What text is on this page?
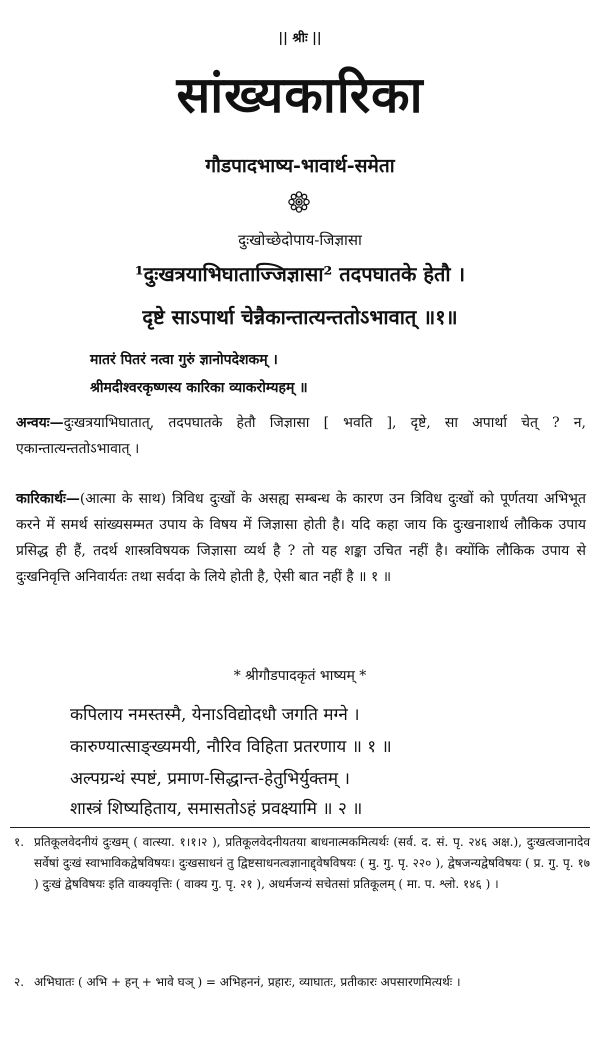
|| श्रीः ||
सांख्यकारिका
गौडपादभाष्य-भावार्थ-समेता
दुःखोच्छेदोपाय-जिज्ञासा
¹दुःखत्रयाभिघाताज्जिज्ञासा² तदपघातके हेतौ ।
दृष्टे साऽपार्था चेन्नैकान्तात्यन्ततोऽभावात् ॥१॥
मातरं पितरं नत्वा गुरुं ज्ञानोपदेशकम् ।
श्रीमदीश्वरकृष्णस्य कारिका व्याकरोम्यहम् ॥
अन्वयः—दुःखत्रयाभिघातात्, तदपघातके हेतौ जिज्ञासा [ भवति ], दृष्टे, सा अपार्था चेत् ? न, एकान्तात्यन्ततोऽभावात् ।
कारिकार्थः—(आत्मा के साथ) त्रिविध दुःखों के असह्य सम्बन्ध के कारण उन त्रिविध दुःखों को पूर्णतया अभिभूत करने में समर्थ सांख्यसम्मत उपाय के विषय में जिज्ञासा होती है। यदि कहा जाय कि दुःखनाशार्थ लौकिक उपाय प्रसिद्ध ही हैं, तदर्थ शास्त्रविषयक जिज्ञासा व्यर्थ है ? तो यह शङ्का उचित नहीं है। क्योंकि लौकिक उपाय से दुःखनिवृत्ति अनिवार्यतः तथा सर्वदा के लिये होती है, ऐसी बात नहीं है ॥ १ ॥
* श्रीगौडपादकृतं भाष्यम् *
कपिलाय नमस्तस्मै, येनाऽविद्योदधौ जगति मग्ने ।
कारुण्यात्साङ्ख्यमयी, नौरिव विहिता प्रतरणाय ॥ १ ॥
अल्पग्रन्थं स्पष्टं, प्रमाण-सिद्धान्त-हेतुभिर्युक्तम् ।
शास्त्रं शिष्यहिताय, समासतोऽहं प्रवक्ष्यामि ॥ २ ॥
१. प्रतिकूलवेदनीयं दुःखम् ( वात्स्या. १।१।२ ), प्रतिकूलवेदनीयतया बाधनात्मकमित्यर्थः (सर्व. द. सं. पृ. २४६ अक्ष.), दुःखत्वजानादेव सर्वेषां दुःखं स्वाभाविकद्वेषविषयः। दुःखसाधनं तु द्विष्टसाधनत्वज्ञानाद्द्वेषविषयः ( मु. गु. पृ. २२० ), द्वेषजन्यद्वेषविषयः ( प्र. गु. पृ. १७ ) दुःखं द्वेषविषयः इति वाक्यवृत्तिः ( वाक्य गु. पृ. २१ ), अधर्मजन्यं सचेतसां प्रतिकूलम् ( मा. प. श्लो. १४६ ) ।
२. अभिघातः ( अभि + हन् + भावे घञ् ) = अभिहननं, प्रहारः, व्याघातः, प्रतीकारः अपसारणमित्यर्थः ।
